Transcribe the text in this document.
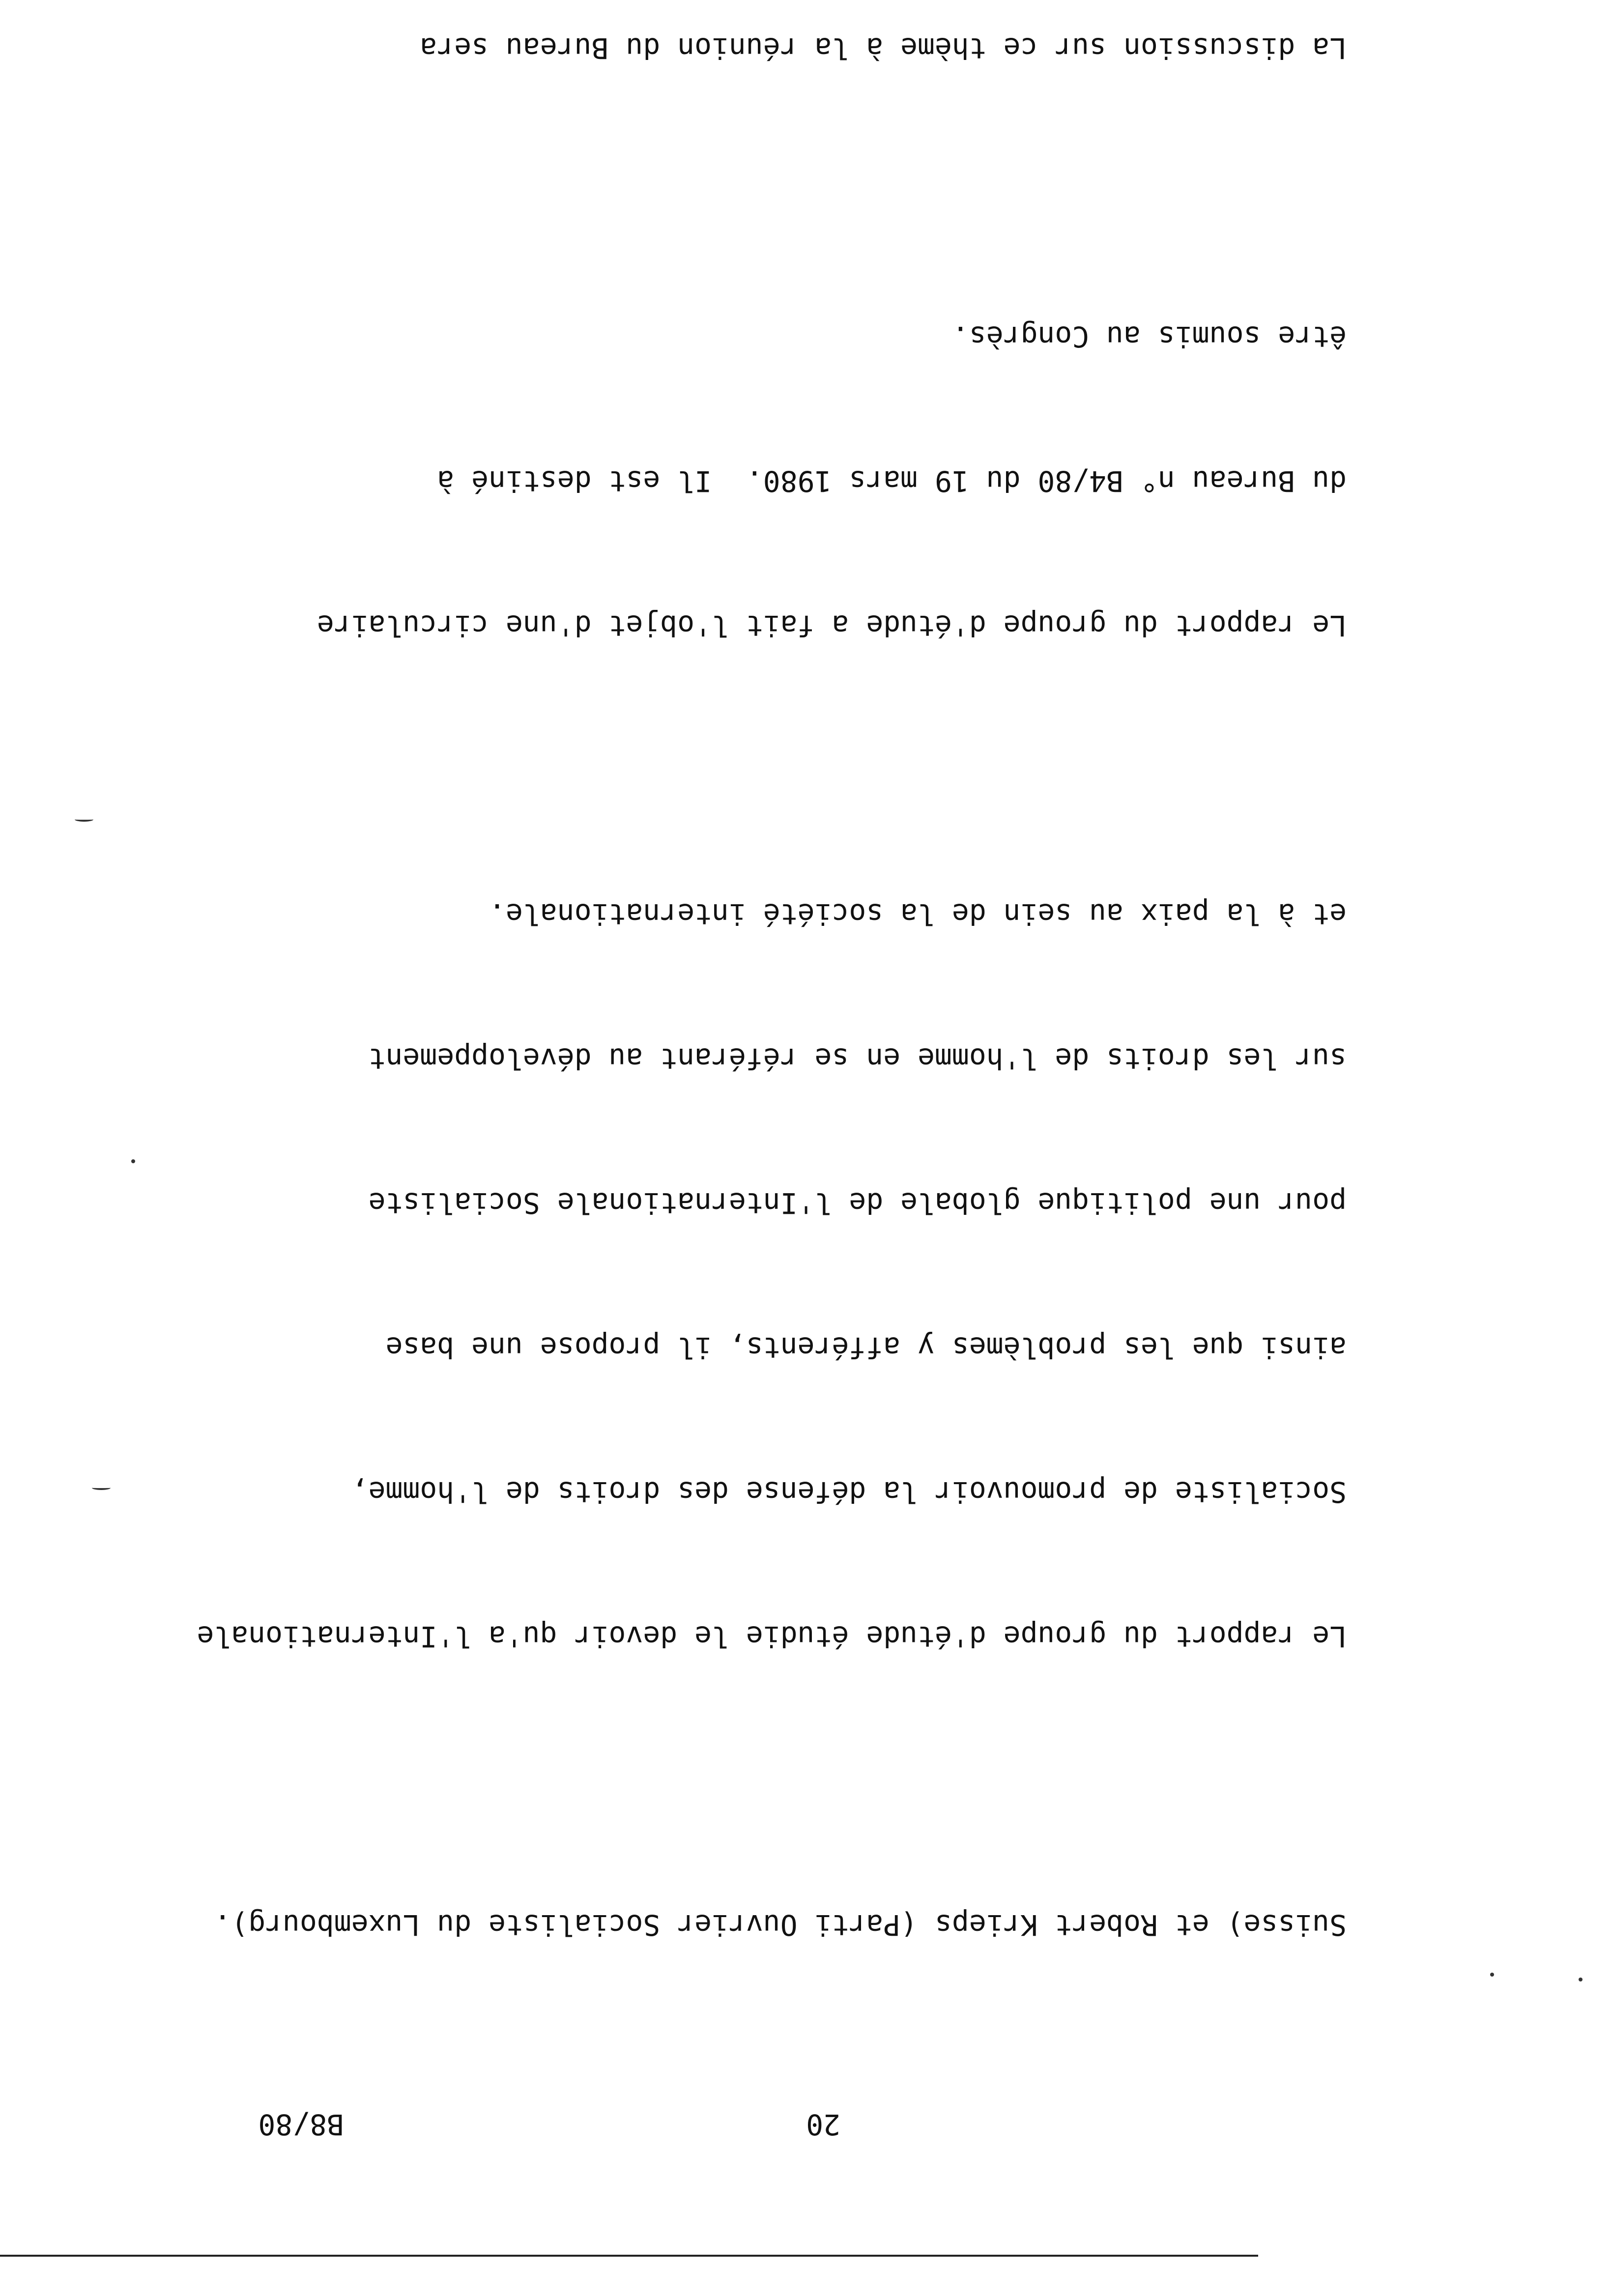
20
B8/80

Suisse) et Robert Krieps (Parti Ouvrier Socialiste du Luxembourg).

Le rapport du groupe d'étude étudie le devoir qu'a l'Internationale

Socialiste de promouvoir la défense des droits de l'homme,

ainsi que les problèmes y afférents, il propose une base

pour une politique globale de l'Internationale Socialiste

sur les droits de l'homme en se référant au développement

et à la paix au sein de la société internationale.

Le rapport du groupe d'étude a fait l'objet d'une circulaire

du Bureau n° B4/80 du 19 mars 1980.  Il est destiné à

être soumis au Congrès.

La discussion sur ce thème à la réunion du Bureau sera
